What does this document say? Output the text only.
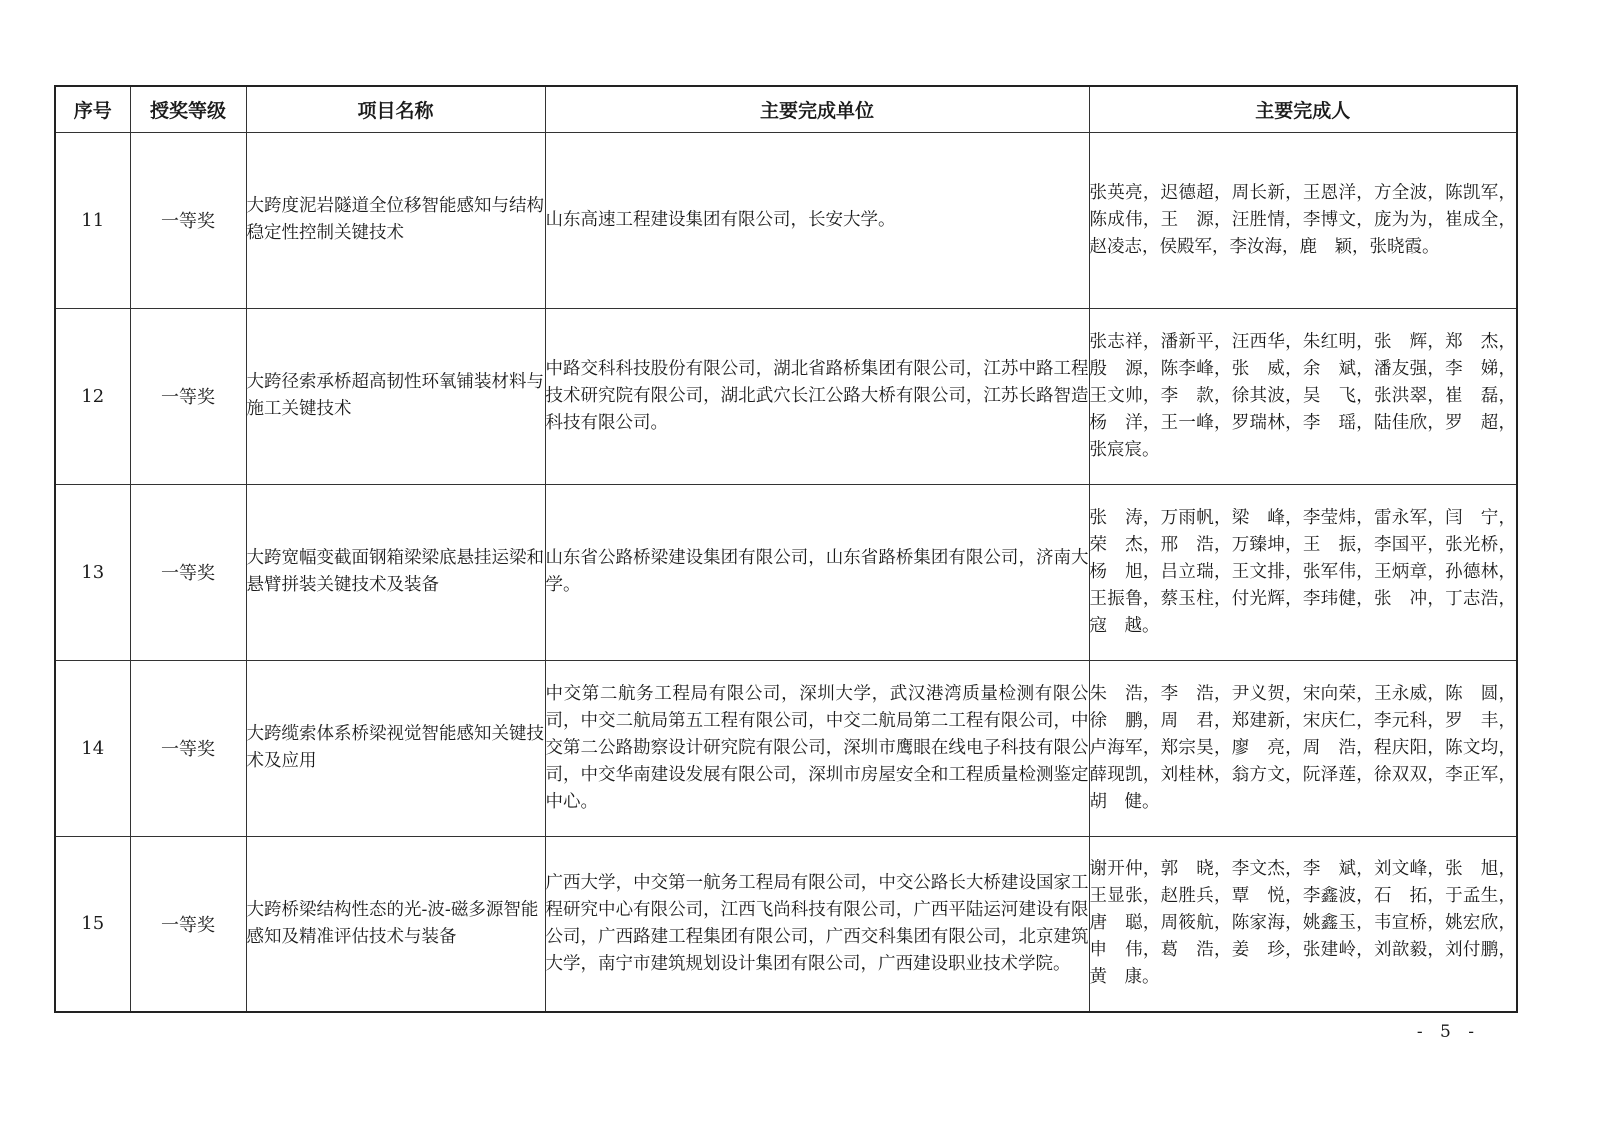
序号	授奖等级	项目名称	主要完成单位	主要完成人
11	一等奖	大跨度泥岩隧道全位移智能感知与结构稳定性控制关键技术	山东高速工程建设集团有限公司，长安大学。	张英亮，迟德超，周长新，王恩洋，方全波，陈凯军，陈成伟，王　源，汪胜情，李博文，庞为为，崔成全，赵凌志，侯殿军，李汝海，鹿　颖，张晓霞。
12	一等奖	大跨径索承桥超高韧性环氧铺装材料与施工关键技术	中路交科科技股份有限公司，湖北省路桥集团有限公司，江苏中路工程技术研究院有限公司，湖北武穴长江公路大桥有限公司，江苏长路智造科技有限公司。	张志祥，潘新平，汪西华，朱红明，张　辉，郑　杰，殷　源，陈李峰，张　威，余　斌，潘友强，李　娣，王文帅，李　款，徐其波，吴　飞，张洪翠，崔　磊，杨　洋，王一峰，罗瑞林，李　瑶，陆佳欣，罗　超，张宸宸。
13	一等奖	大跨宽幅变截面钢箱梁梁底悬挂运梁和悬臂拼装关键技术及装备	山东省公路桥梁建设集团有限公司，山东省路桥集团有限公司，济南大学。	张　涛，万雨帆，梁　峰，李莹炜，雷永军，闫　宁，荣　杰，邢　浩，万臻坤，王　振，李国平，张光桥，杨　旭，吕立瑞，王文排，张军伟，王炳章，孙德林，王振鲁，蔡玉柱，付光辉，李玮健，张　冲，丁志浩，寇　越。
14	一等奖	大跨缆索体系桥梁视觉智能感知关键技术及应用	中交第二航务工程局有限公司，深圳大学，武汉港湾质量检测有限公司，中交二航局第五工程有限公司，中交二航局第二工程有限公司，中交第二公路勘察设计研究院有限公司，深圳市鹰眼在线电子科技有限公司，中交华南建设发展有限公司，深圳市房屋安全和工程质量检测鉴定中心。	朱　浩，李　浩，尹义贺，宋向荣，王永威，陈　圆，徐　鹏，周　君，郑建新，宋庆仁，李元科，罗　丰，卢海军，郑宗昊，廖　亮，周　浩，程庆阳，陈文均，薛现凯，刘桂林，翁方文，阮泽莲，徐双双，李正军，胡　健。
15	一等奖	大跨桥梁结构性态的光-波-磁多源智能感知及精准评估技术与装备	广西大学，中交第一航务工程局有限公司，中交公路长大桥建设国家工程研究中心有限公司，江西飞尚科技有限公司，广西平陆运河建设有限公司，广西路建工程集团有限公司，广西交科集团有限公司，北京建筑大学，南宁市建筑规划设计集团有限公司，广西建设职业技术学院。	谢开仲，郭　晓，李文杰，李　斌，刘文峰，张　旭，王显张，赵胜兵，覃　悦，李鑫波，石　拓，于孟生，唐　聪，周筱航，陈家海，姚鑫玉，韦宣桥，姚宏欣，申　伟，葛　浩，姜　珍，张建岭，刘歆毅，刘付鹏，黄　康。
- 5 -
